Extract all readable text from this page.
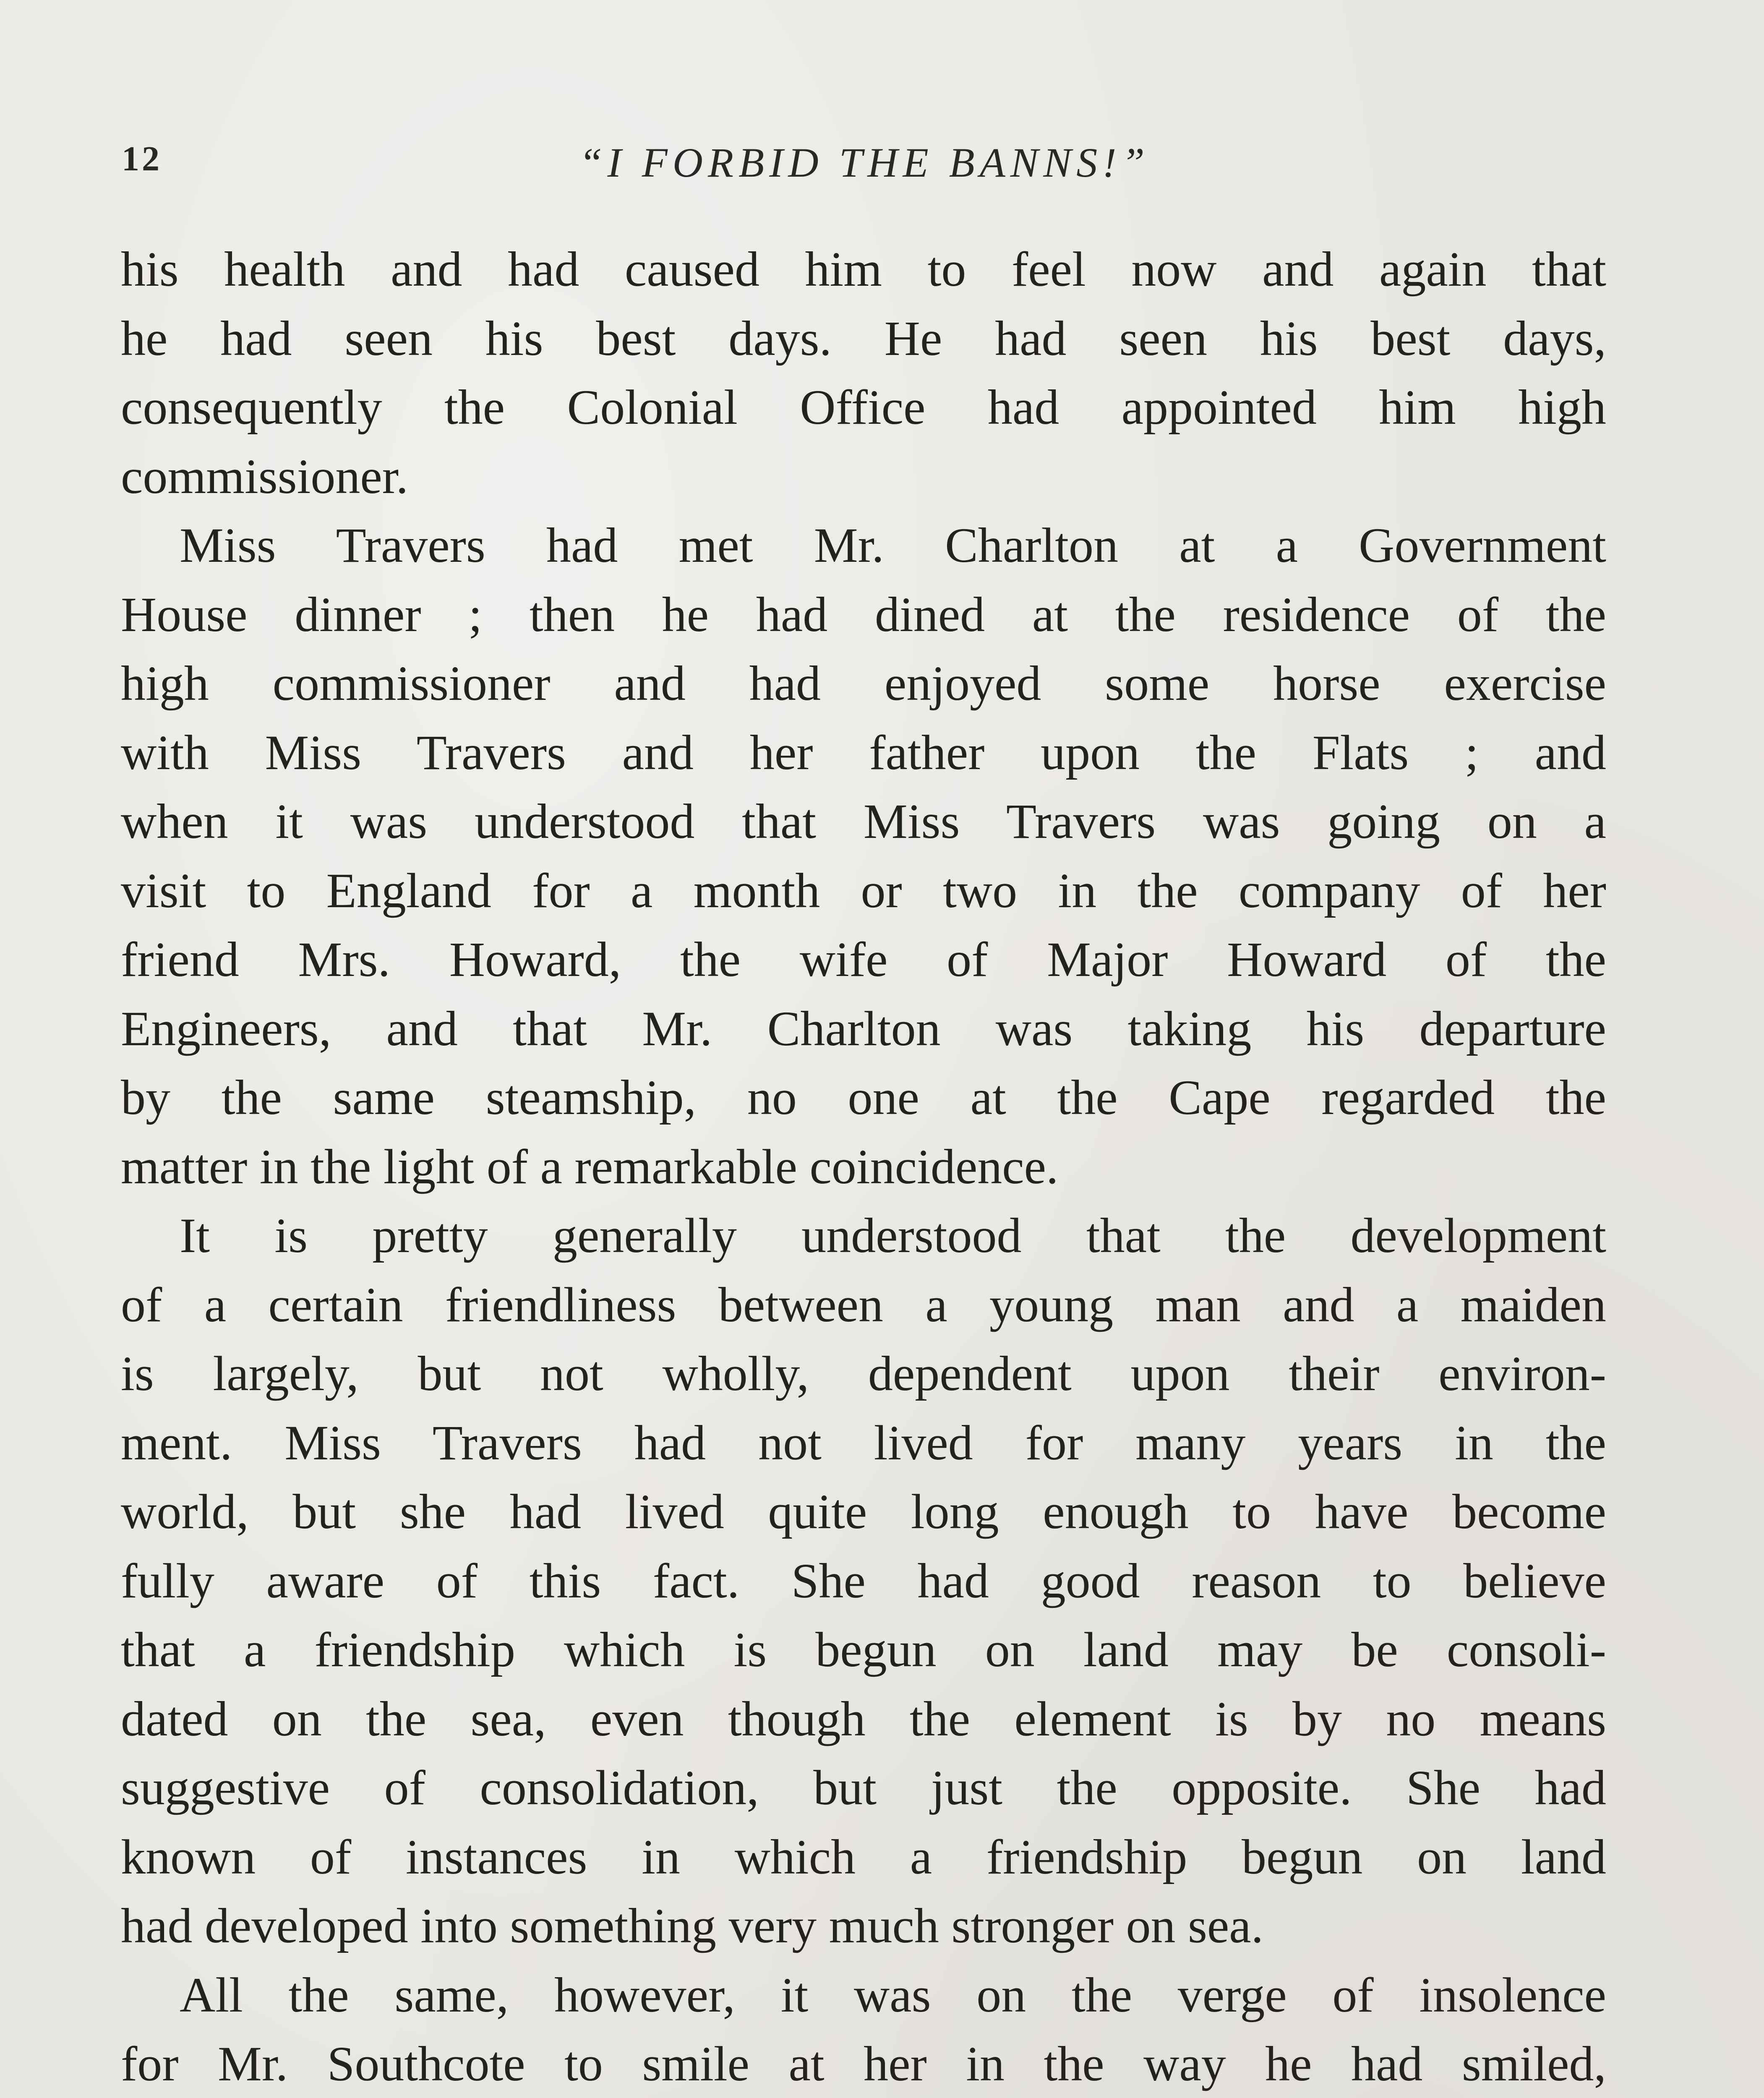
12	“I FORBID THE BANNS!”
his health and had caused him to feel now and again that
he had seen his best days. He had seen his best days,
consequently the Colonial Office had appointed him high
commissioner.
Miss Travers had met Mr. Charlton at a Government
House dinner ; then he had dined at the residence of the
high commissioner and had enjoyed some horse exercise
with Miss Travers and her father upon the Flats ; and
when it was understood that Miss Travers was going on a
visit to England for a month or two in the company of her
friend Mrs. Howard, the wife of Major Howard of the
Engineers, and that Mr. Charlton was taking his departure
by the same steamship, no one at the Cape regarded the
matter in the light of a remarkable coincidence.
It is pretty generally understood that the development
of a certain friendliness between a young man and a maiden
is largely, but not wholly, dependent upon their environ-
ment. Miss Travers had not lived for many years in the
world, but she had lived quite long enough to have become
fully aware of this fact. She had good reason to believe
that a friendship which is begun on land may be consoli-
dated on the sea, even though the element is by no means
suggestive of consolidation, but just the opposite. She had
known of instances in which a friendship begun on land
had developed into something very much stronger on sea.
All the same, however, it was on the verge of insolence
for Mr. Southcote to smile at her in the way he had smiled,
